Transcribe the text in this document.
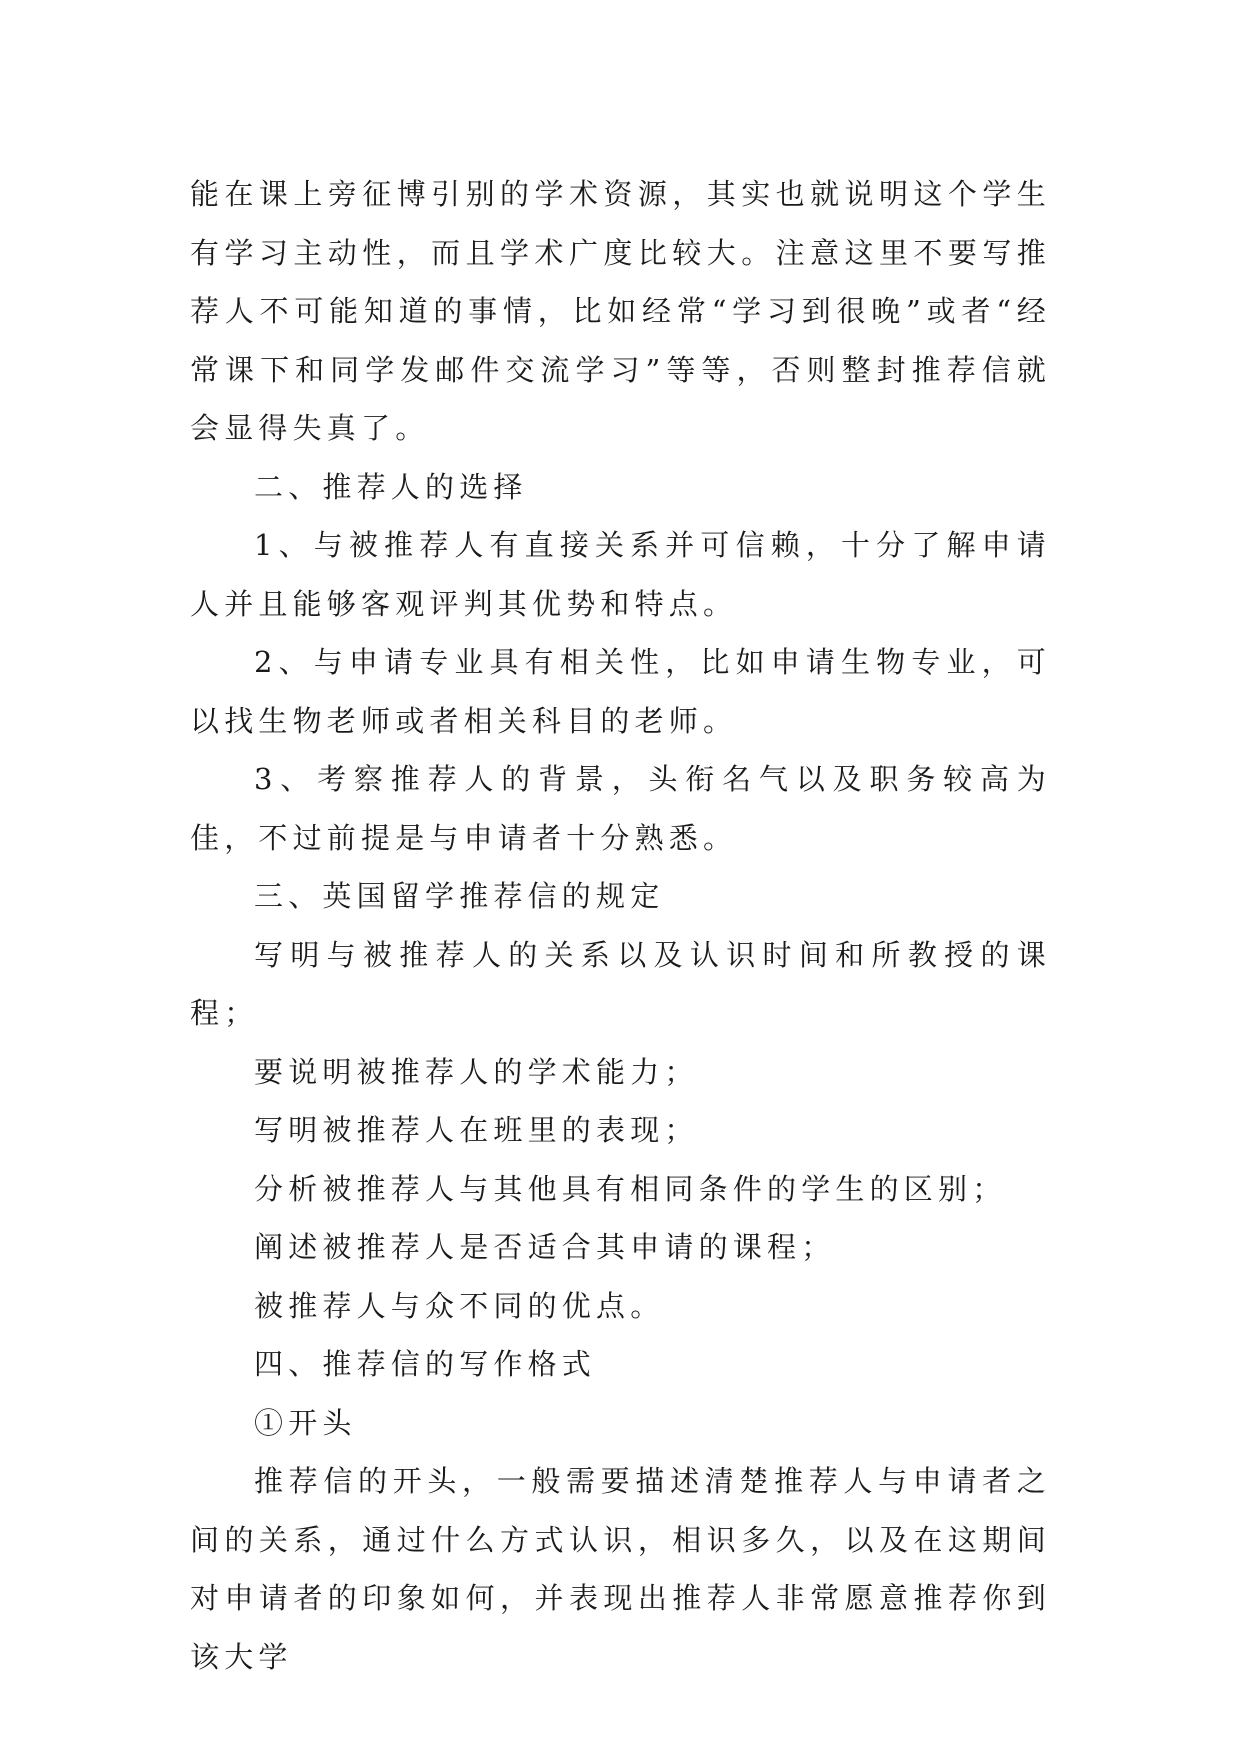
能在课上旁征博引别的学术资源，其实也就说明这个学生有学习主动性，而且学术广度比较大。注意这里不要写推荐人不可能知道的事情，比如经常“学习到很晚”或者“经常课下和同学发邮件交流学习”等等，否则整封推荐信就会显得失真了。

二、推荐人的选择

1、与被推荐人有直接关系并可信赖，十分了解申请人并且能够客观评判其优势和特点。

2、与申请专业具有相关性，比如申请生物专业，可以找生物老师或者相关科目的老师。

3、考察推荐人的背景，头衔名气以及职务较高为佳，不过前提是与申请者十分熟悉。

三、英国留学推荐信的规定

写明与被推荐人的关系以及认识时间和所教授的课程；

要说明被推荐人的学术能力；

写明被推荐人在班里的表现；

分析被推荐人与其他具有相同条件的学生的区别；

阐述被推荐人是否适合其申请的课程；

被推荐人与众不同的优点。

四、推荐信的写作格式

①开头

推荐信的开头，一般需要描述清楚推荐人与申请者之间的关系，通过什么方式认识，相识多久，以及在这期间对申请者的印象如何，并表现出推荐人非常愿意推荐你到该大学
